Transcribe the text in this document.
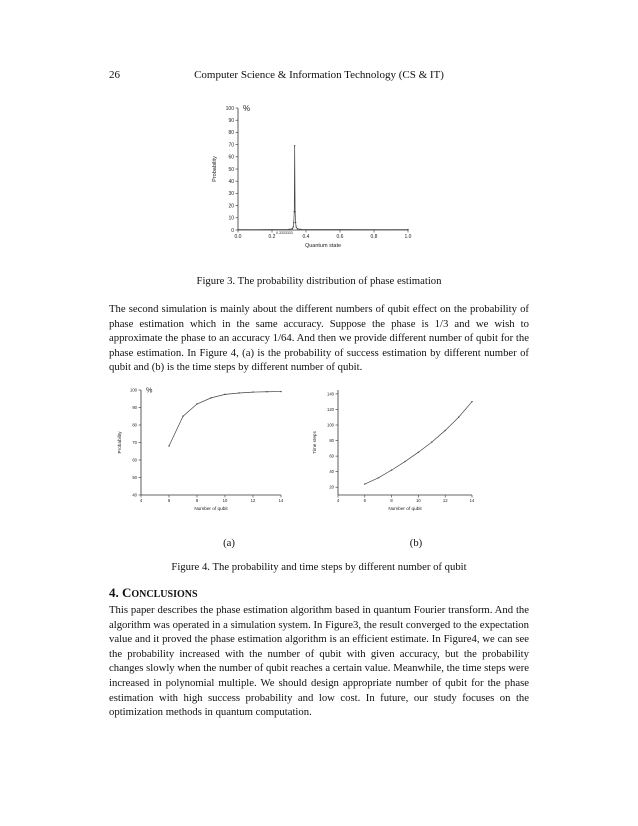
26	Computer Science & Information Technology (CS & IT)
0.0	0.2	0.4	0.6	0.8	1.0
0
10
20
30
40
50
60
70
80
90
100
Quantum state
Probability
%
0.3333333
Figure 3. The probability distribution of phase estimation

The second simulation is mainly about the different numbers of qubit effect on the probability of phase estimation which in the same accuracy. Suppose the phase is 1/3 and we wish to approximate the phase to an accuracy 1/64. And then we provide different number of qubit for the phase estimation. In Figure 4, (a) is the probability of success estimation by different number of qubit and (b) is the time steps by different number of qubit.

4	6	8	10	12	14
40
50
60
70
80
90
100
Number of qubit
Probability
%
4	6	8	10	12	14
20
40
60
80
100
120
140
Number of qubit
Time steps
(a)	(b)
Figure 4. The probability and time steps by different number of qubit
4. CONCLUSIONS

This paper describes the phase estimation algorithm based in quantum Fourier transform. And the algorithm was operated in a simulation system. In Figure3, the result converged to the expectation value and it proved the phase estimation algorithm is an efficient estimate. In Figure4, we can see the probability increased with the number of qubit with given accuracy, but the probability changes slowly when the number of qubit reaches a certain value. Meanwhile, the time steps were increased in polynomial multiple. We should design appropriate number of qubit for the phase estimation with high success probability and low cost. In future, our study focuses on the optimization methods in quantum computation.
